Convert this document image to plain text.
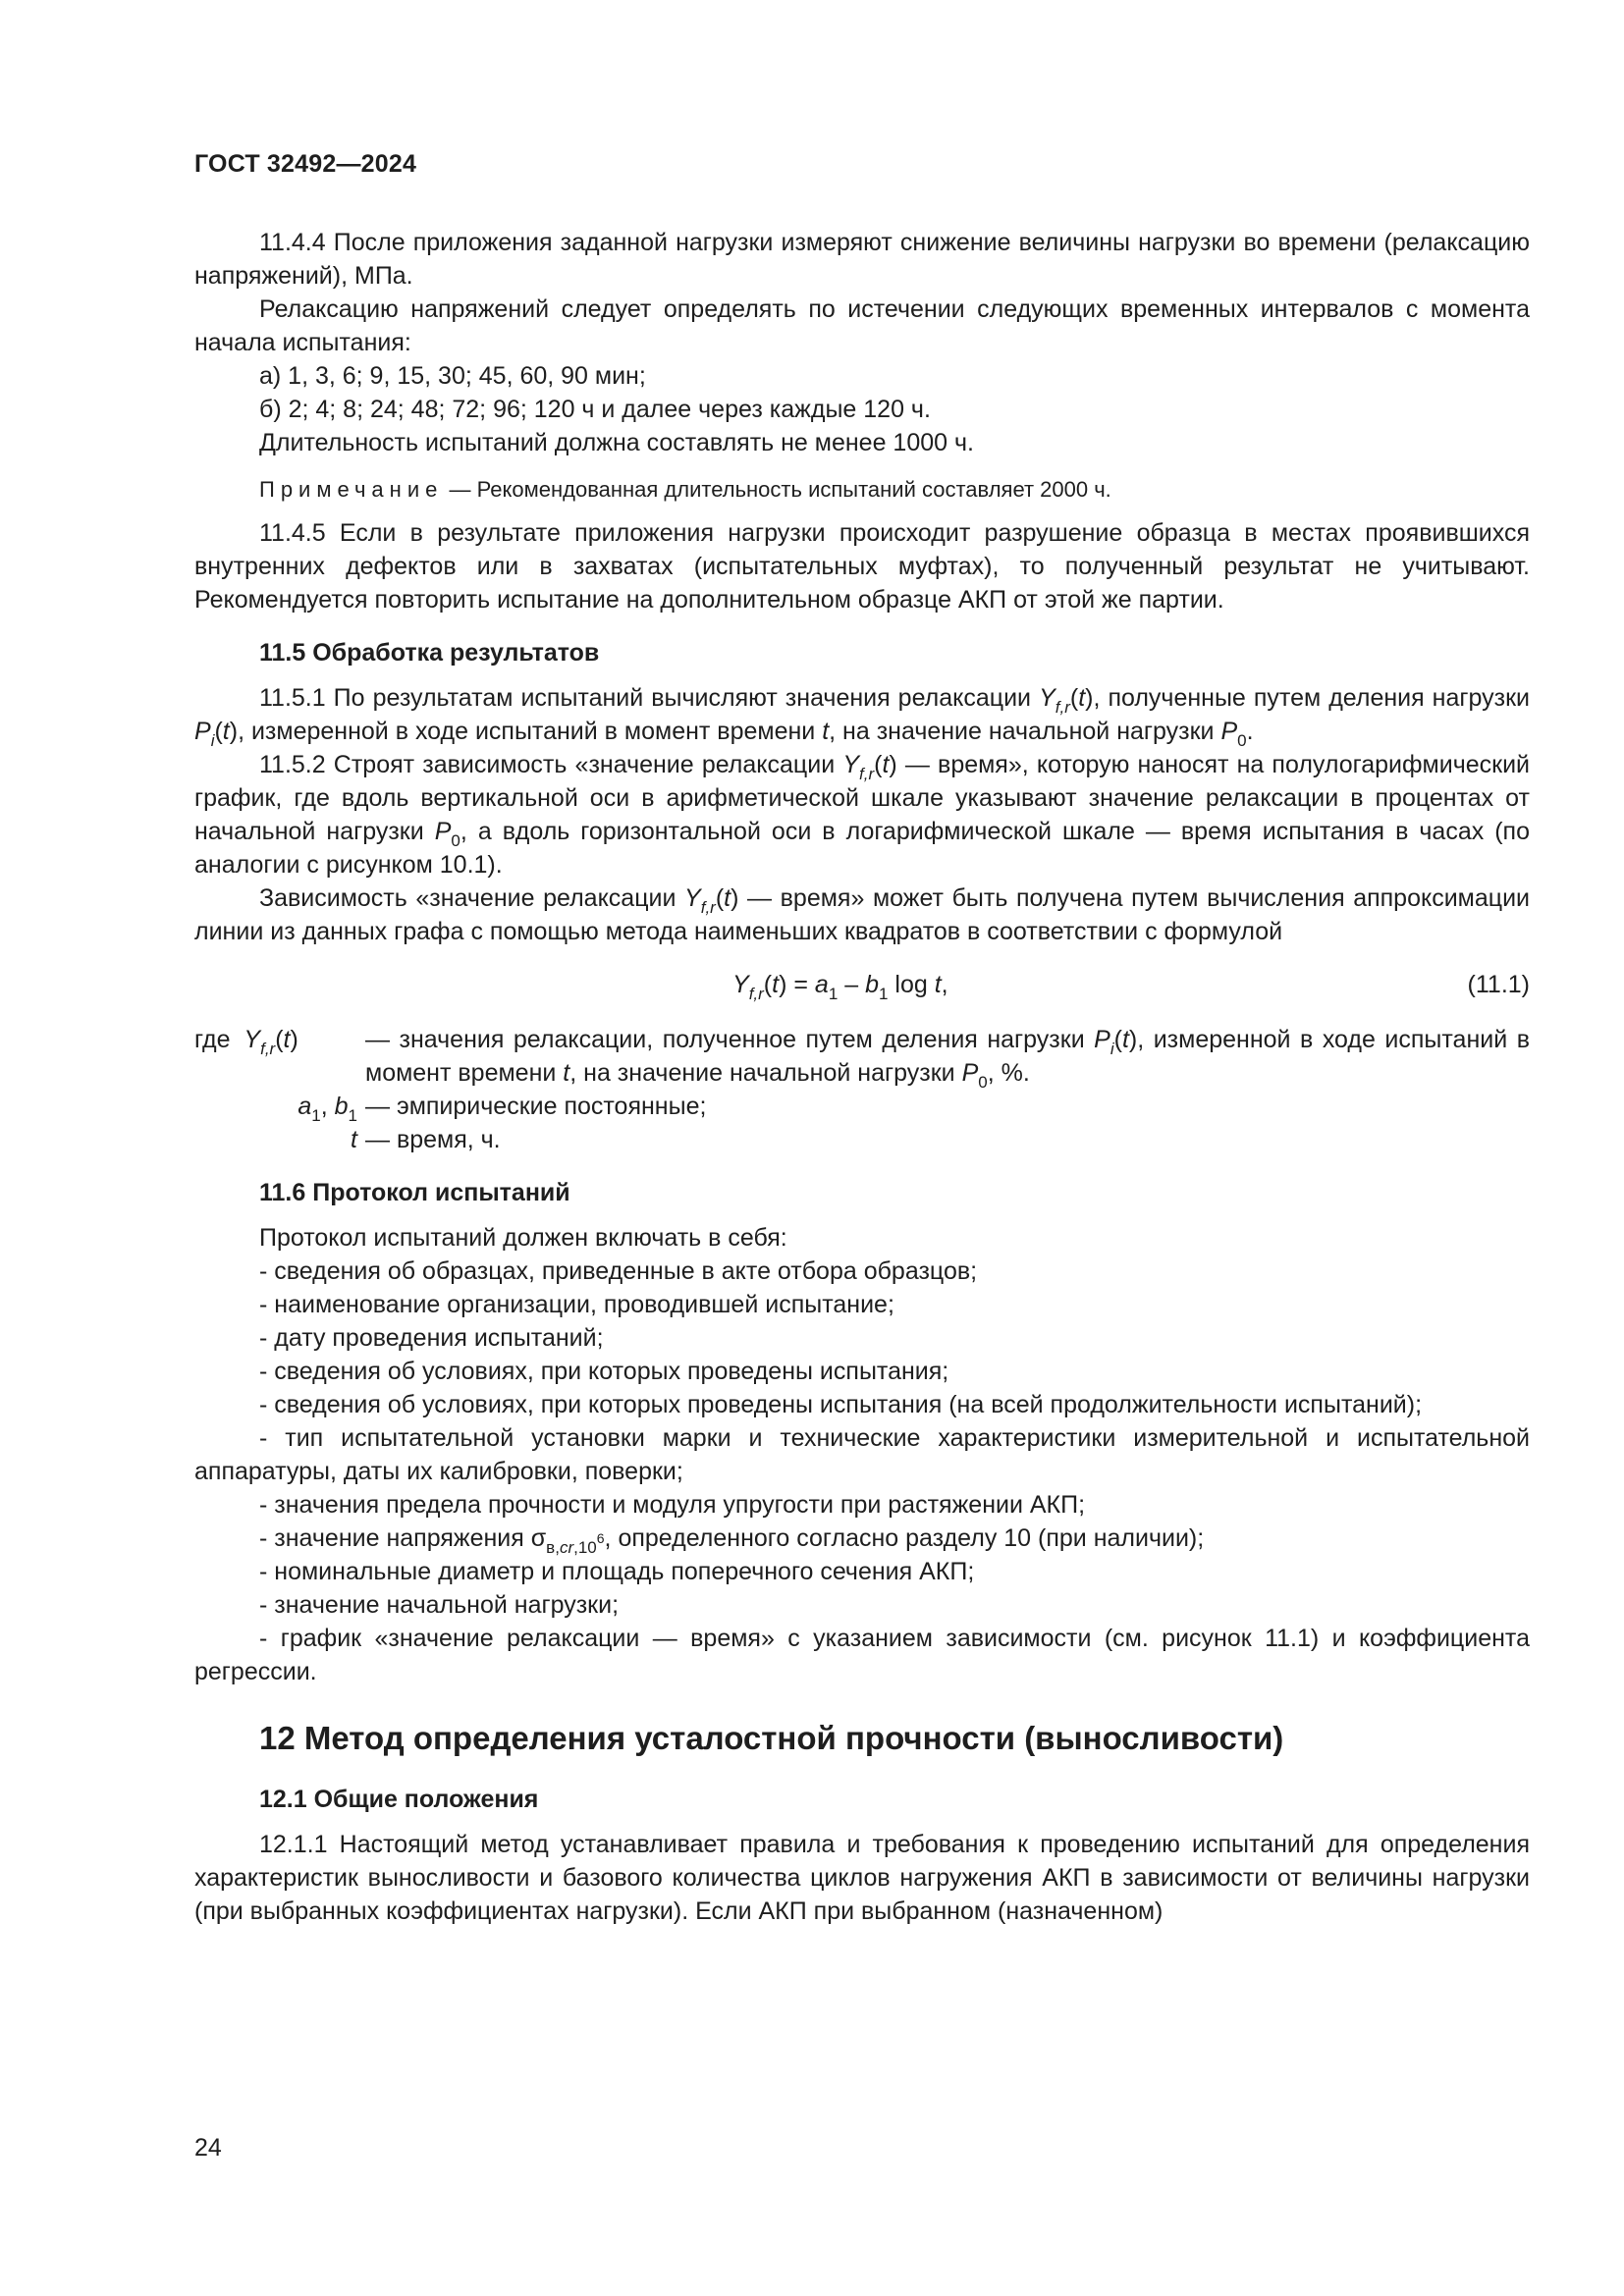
ГОСТ 32492—2024

11.4.4 После приложения заданной нагрузки измеряют снижение величины нагрузки во времени (релаксацию напряжений), МПа.

Релаксацию напряжений следует определять по истечении следующих временных интервалов с момента начала испытания:

а) 1, 3, 6; 9, 15, 30; 45, 60, 90 мин;

б) 2; 4; 8; 24; 48; 72; 96; 120 ч и далее через каждые 120 ч.

Длительность испытаний должна составлять не менее 1000 ч.

Примечание — Рекомендованная длительность испытаний составляет 2000 ч.

11.4.5 Если в результате приложения нагрузки происходит разрушение образца в местах проявившихся внутренних дефектов или в захватах (испытательных муфтах), то полученный результат не учитывают. Рекомендуется повторить испытание на дополнительном образце АКП от этой же партии.

11.5 Обработка результатов

11.5.1 По результатам испытаний вычисляют значения релаксации $Y_{f,r}(t)$, полученные путем деления нагрузки $P_i(t)$, измеренной в ходе испытаний в момент времени t, на значение начальной нагрузки $P_0$.

11.5.2 Строят зависимость «значение релаксации $Y_{f,r}(t)$ — время», которую наносят на полулогарифмический график, где вдоль вертикальной оси в арифметической шкале указывают значение релаксации в процентах от начальной нагрузки $P_0$, а вдоль горизонтальной оси в логарифмической шкале — время испытания в часах (по аналогии с рисунком 10.1).

Зависимость «значение релаксации $Y_{f,r}(t)$ — время» может быть получена путем вычисления аппроксимации линии из данных графа с помощью метода наименьших квадратов в соответствии с формулой

$Y_{f,r}(t) = a_1 - b_1$ log t,	(11.1)
где $Y_{f,r}(t)$	— значения релаксации, полученное путем деления нагрузки $P_i(t)$, измеренной в ходе испытаний в момент времени t, на значение начальной нагрузки $P_0$, %.
$a_1$, $b_1$ — эмпирические постоянные;
t — время, ч.
11.6 Протокол испытаний

Протокол испытаний должен включать в себя:

- сведения об образцах, приведенные в акте отбора образцов;

- наименование организации, проводившей испытание;

- дату проведения испытаний;

- сведения об условиях, при которых проведены испытания;

- сведения об условиях, при которых проведены испытания (на всей продолжительности испытаний);

- тип испытательной установки марки и технические характеристики измерительной и испытательной аппаратуры, даты их калибровки, поверки;

- значения предела прочности и модуля упругости при растяжении АКП;

- значение напряжения $\sigma_{в,cr,10^6}$, определенного согласно разделу 10 (при наличии);

- номинальные диаметр и площадь поперечного сечения АКП;

- значение начальной нагрузки;

- график «значение релаксации — время» с указанием зависимости (см. рисунок 11.1) и коэффициента регрессии.

12 Метод определения усталостной прочности (выносливости)
12.1 Общие положения

12.1.1 Настоящий метод устанавливает правила и требования к проведению испытаний для определения характеристик выносливости и базового количества циклов нагружения АКП в зависимости от величины нагрузки (при выбранных коэффициентах нагрузки). Если АКП при выбранном (назначенном)

24
